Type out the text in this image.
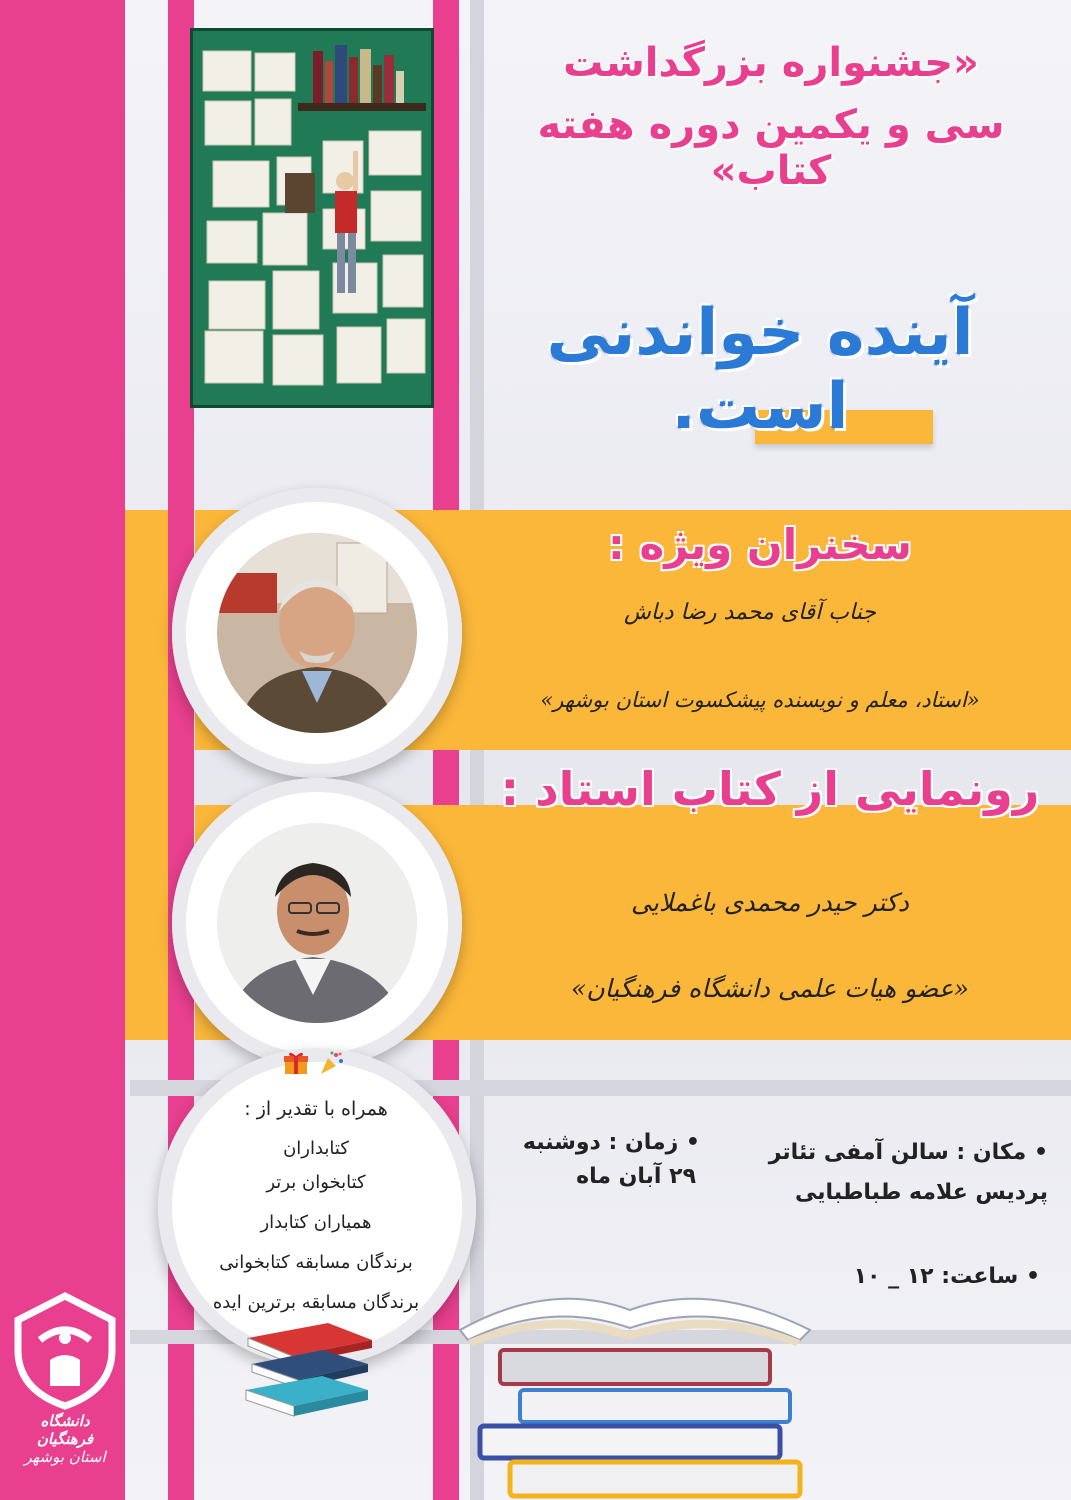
«جشنواره بزرگداشت
سی و یکمین دوره هفته کتاب»
آینده خواندنی است.
همراه با تقدیر از :
کتابداران
کتابخوان برتر
همیاران کتابدار
برندگان مسابقه کتابخوانی
برندگان مسابقه برترین ایده
سخنران ویژه :
جناب آقای محمد رضا دباش
«استاد، معلم و نویسنده پیشکسوت استان بوشهر»
رونمایی از کتاب استاد :
دکتر حیدر محمدی باغملایی
«عضو هیات علمی دانشگاه فرهنگیان»
• زمان : دوشنبه
۲۹ آبان ماه
• مکان : سالن آمفی تئاتر
پردیس علامه طباطبایی
• ساعت: ۱۲ _ ۱۰
دانشگاه فرهنگیان
استان بوشهر
